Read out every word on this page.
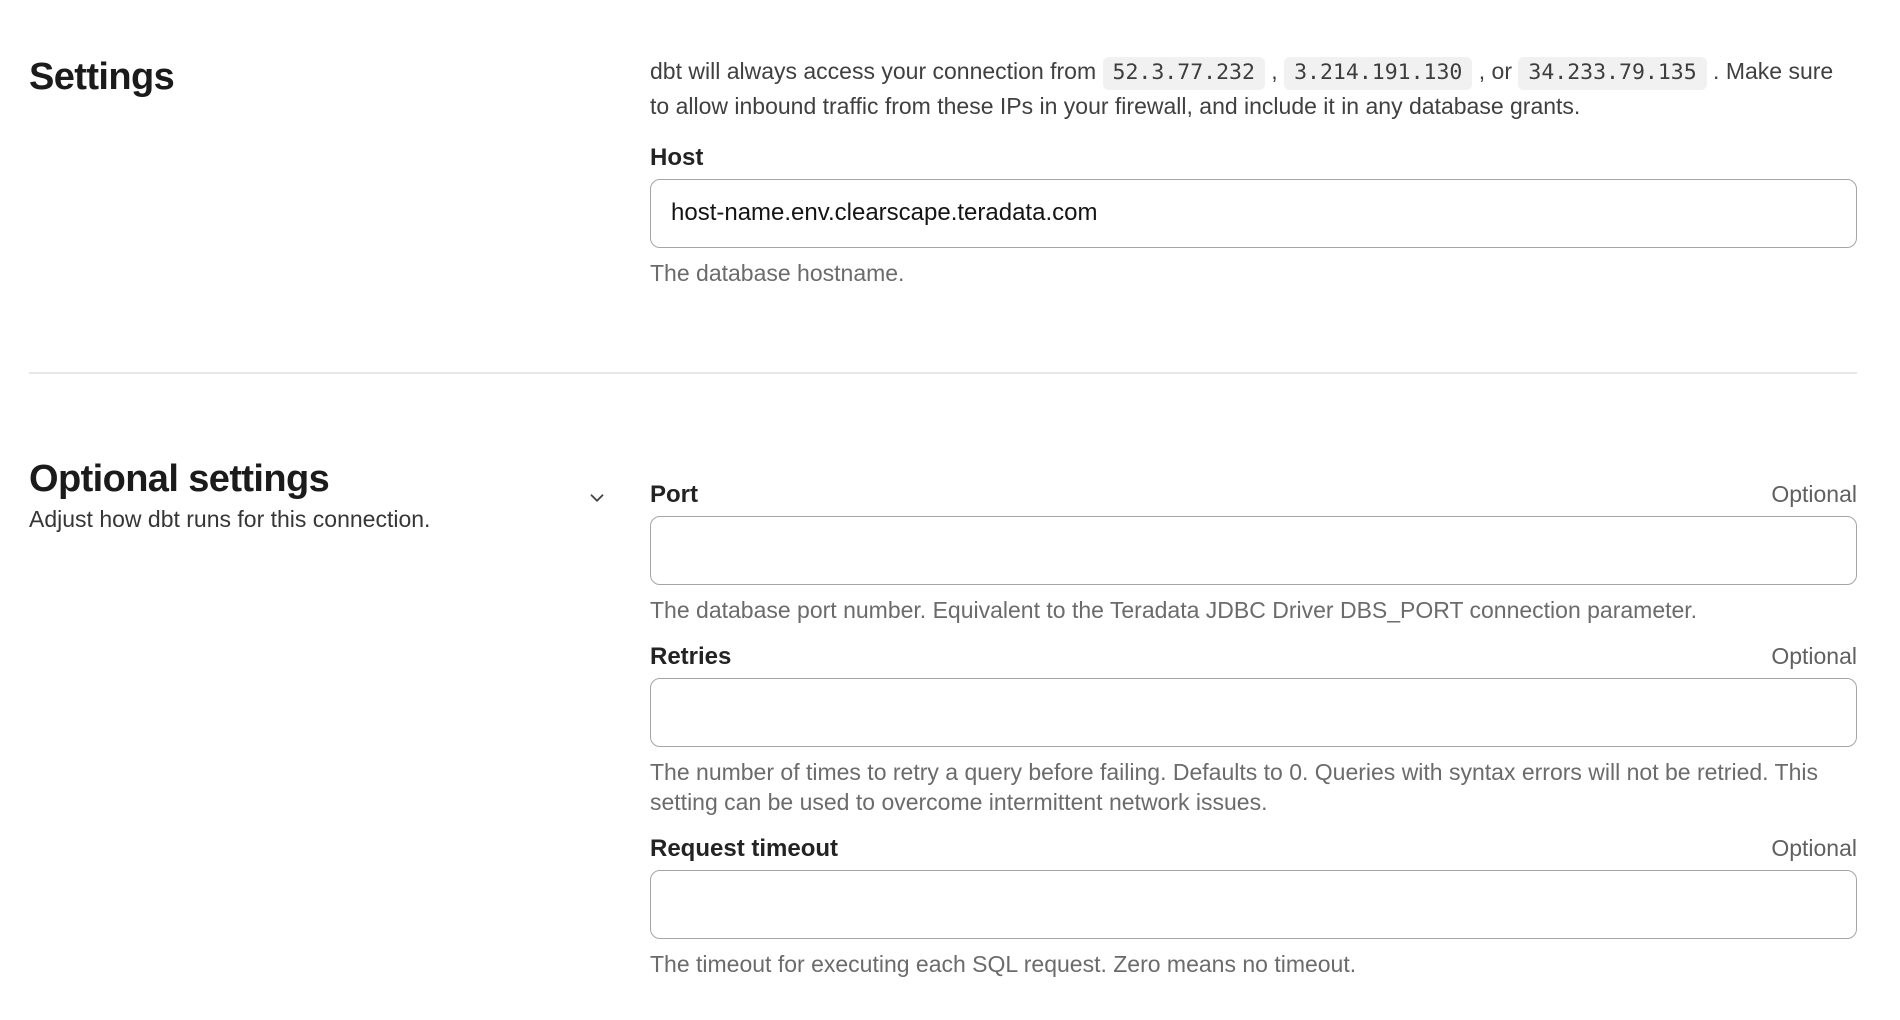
Settings	dbt will always access your connection from 52.3.77.232 , 3.214.191.130 , or 34.233.79.135 . Make sure to allow inbound traffic from these IPs in your firewall, and include it in any database grants.

Host
host-name.env.clearscape.teradata.com

The database hostname.

Optional settings

Adjust how dbt runs for this connection.

Port	Optional

The database port number. Equivalent to the Teradata JDBC Driver DBS_PORT connection parameter.

Retries	Optional

The number of times to retry a query before failing. Defaults to 0. Queries with syntax errors will not be retried. This setting can be used to overcome intermittent network issues.

Request timeout	Optional

The timeout for executing each SQL request. Zero means no timeout.
